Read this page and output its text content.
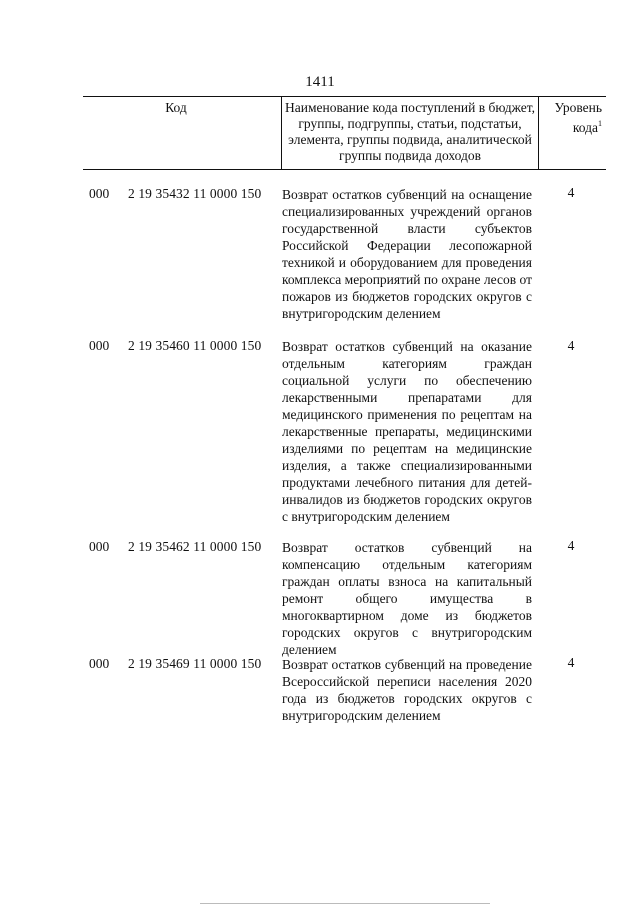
1411
Код	Наименование кода поступлений в бюджет, группы, подгруппы, статьи, подстатьи, элемента, группы подвида, аналитической группы подвида доходов
Уровень кода$^1$
000 2 19 35432 11 0000 150 Возврат остатков субвенций на оснащение специализированных учреждений органов государственной власти субъектов Российской Федерации лесопожарной техникой и оборудованием для проведения комплекса мероприятий по охране лесов от пожаров из бюджетов городских округов с внутригородским делением
4
000 2 19 35460 11 0000 150 Возврат остатков субвенций на оказание отдельным категориям граждан социальной услуги по обеспечению лекарственными препаратами для медицинского применения по рецептам на лекарственные препараты, медицинскими изделиями по рецептам на медицинские изделия, а также специализированными продуктами лечебного питания для детей-инвалидов из бюджетов городских округов с внутригородским делением
4
000 2 19 35462 11 0000 150 Возврат остатков субвенций на компенсацию отдельным категориям граждан оплаты взноса на капитальный ремонт общего имущества в многоквартирном доме из бюджетов городских округов с внутригородским делением
4
000 2 19 35469 11 0000 150 Возврат остатков субвенций на проведение Всероссийской переписи населения 2020 года из бюджетов городских округов с внутригородским делением
4
